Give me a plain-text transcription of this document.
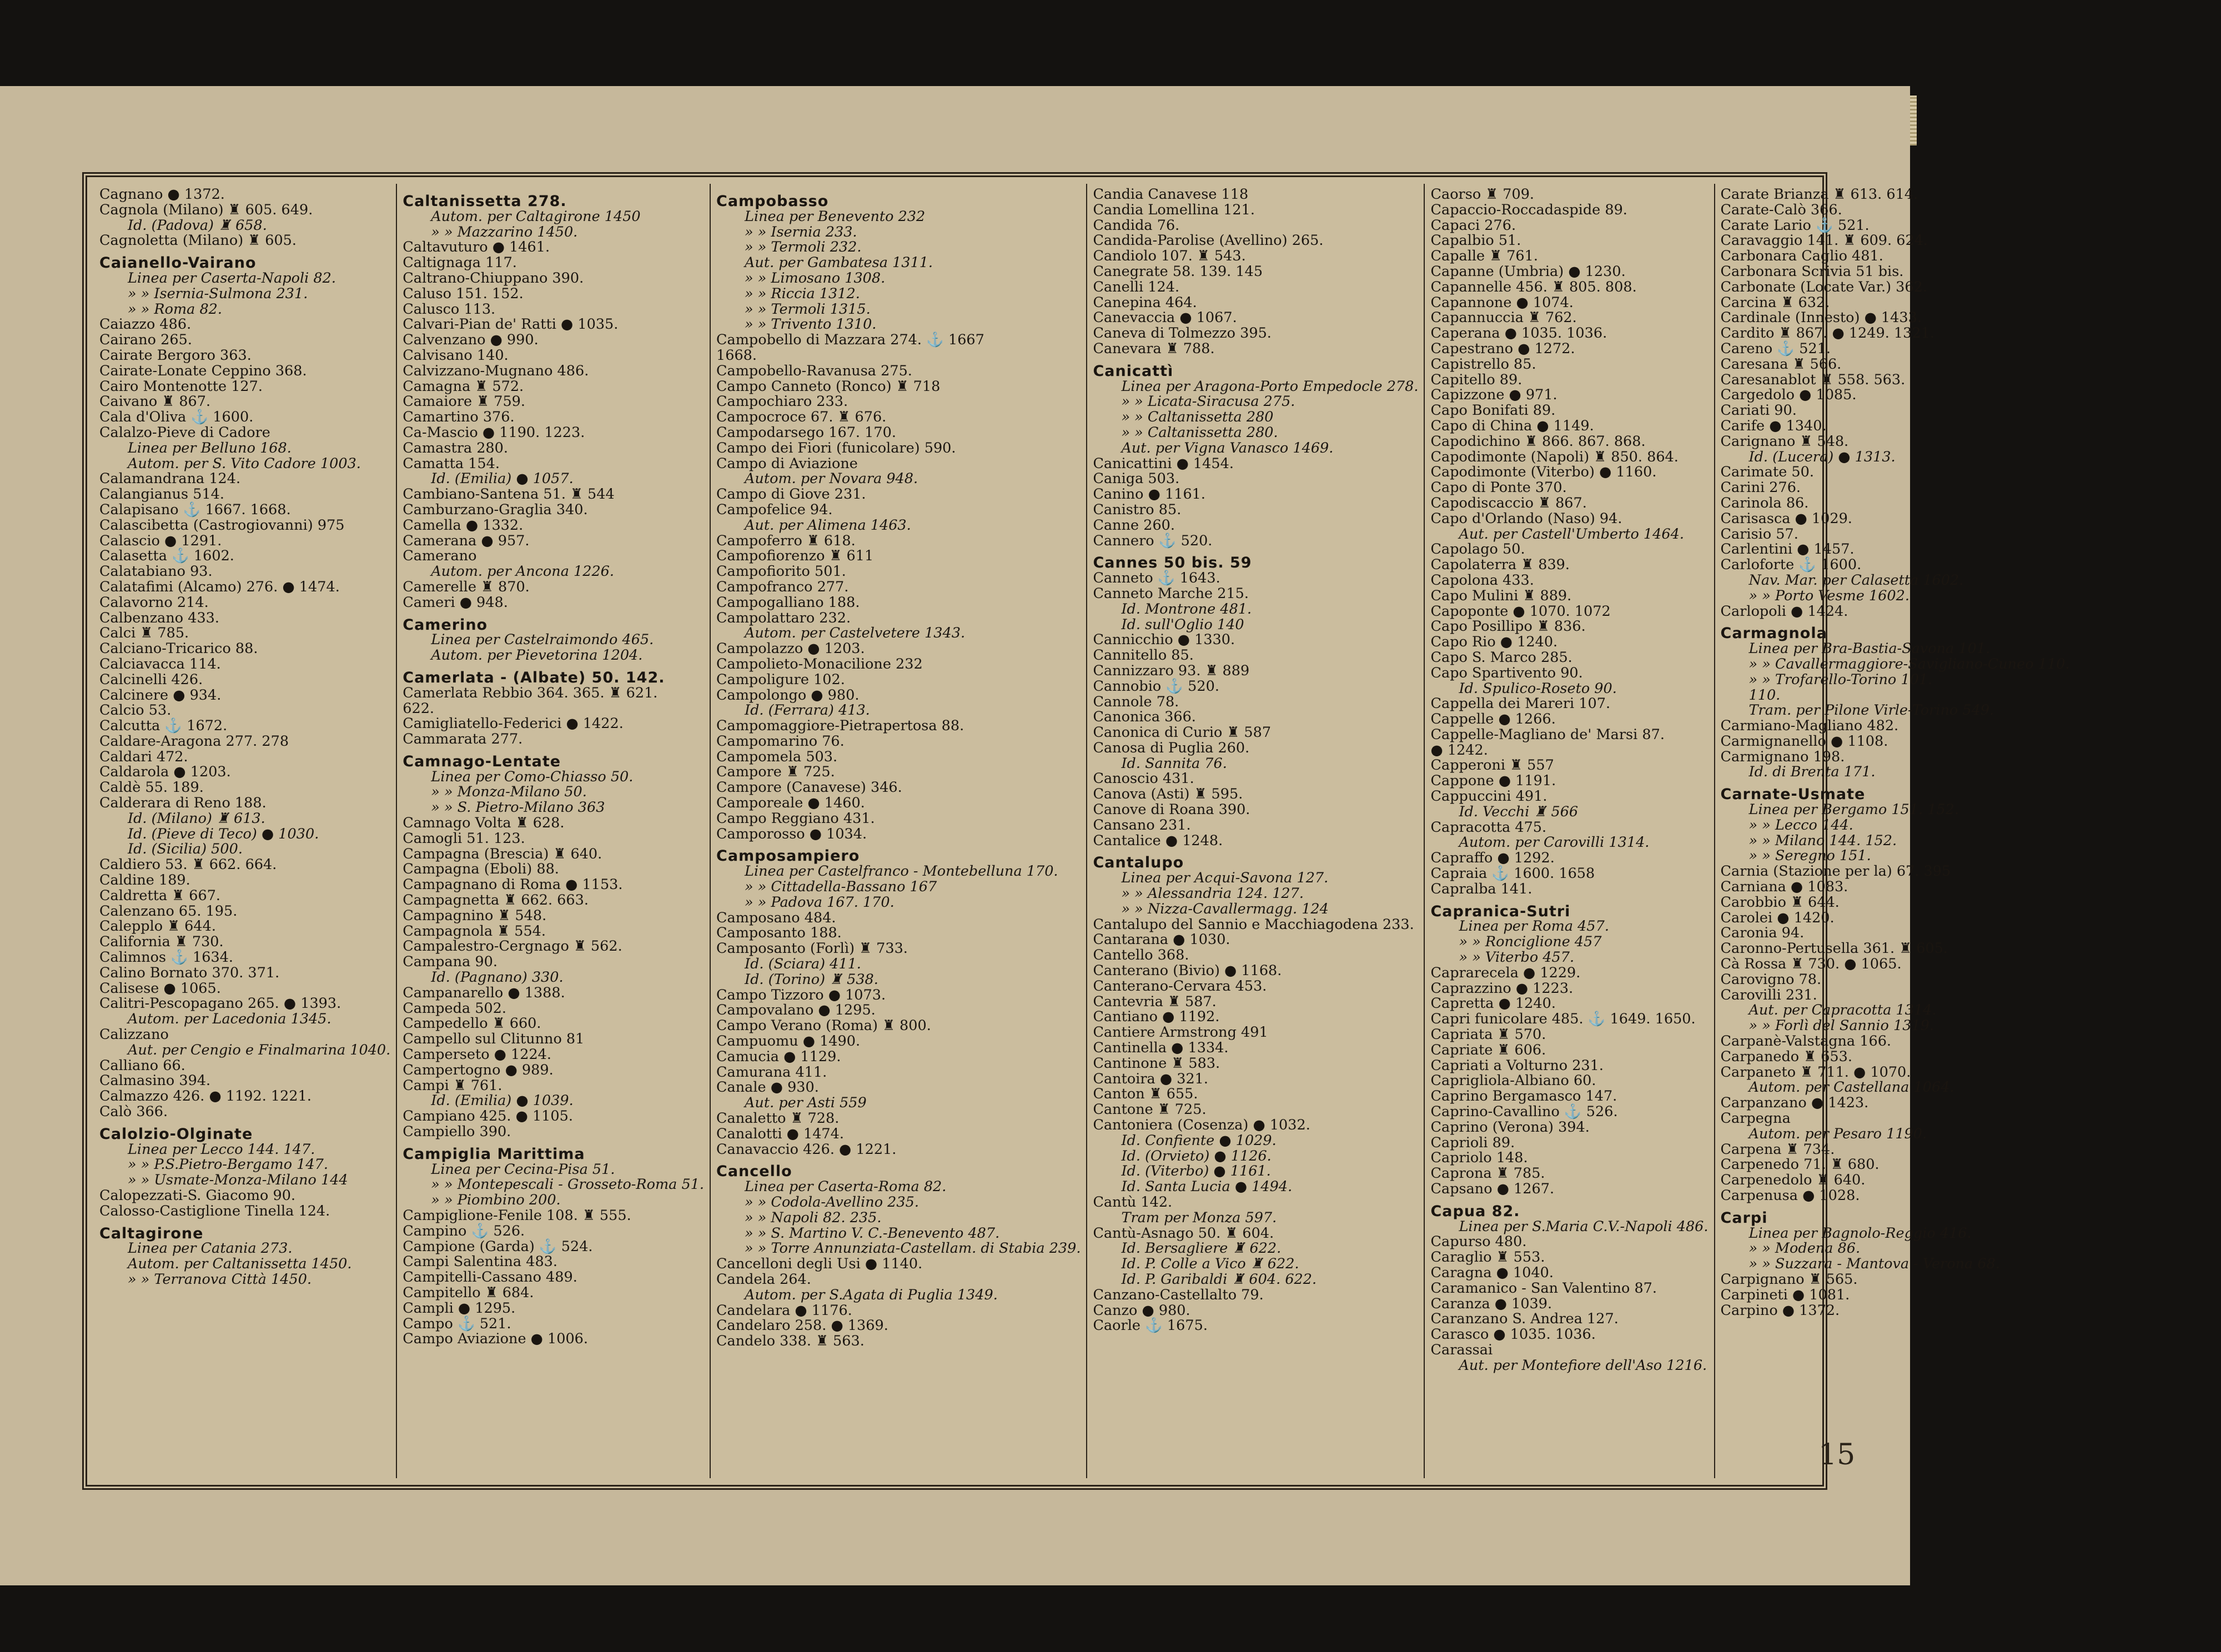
Cagnano ● 1372.
Cagnola (Milano) ♜ 605. 649.
Id. (Padova) ♜ 658.
Cagnoletta (Milano) ♜ 605.
Caianello-Vairano
Linea per Caserta-Napoli 82.
» » Isernia-Sulmona 231.
» » Roma 82.
Caiazzo 486.
Cairano 265.
Cairate Bergoro 363.
Cairate-Lonate Ceppino 368.
Cairo Montenotte 127.
Caivano ♜ 867.
Cala d'Oliva ⚓ 1600.
Calalzo-Pieve di Cadore
Linea per Belluno 168.
Autom. per S. Vito Cadore 1003.
Calamandrana 124.
Calangianus 514.
Calapisano ⚓ 1667. 1668.
Calascibetta (Castrogiovanni) 975
Calascio ● 1291.
Calasetta ⚓ 1602.
Calatabiano 93.
Calatafimi (Alcamo) 276. ● 1474.
Calavorno 214.
Calbenzano 433.
Calci ♜ 785.
Calciano-Tricarico 88.
Calciavacca 114.
Calcinelli 426.
Calcinere ● 934.
Calcio 53.
Calcutta ⚓ 1672.
Caldare-Aragona 277. 278
Caldari 472.
Caldarola ● 1203.
Caldè 55. 189.
Calderara di Reno 188.
Id. (Milano) ♜ 613.
Id. (Pieve di Teco) ● 1030.
Id. (Sicilia) 500.
Caldiero 53. ♜ 662. 664.
Caldine 189.
Caldretta ♜ 667.
Calenzano 65. 195.
Calepplo ♜ 644.
California ♜ 730.
Calimnos ⚓ 1634.
Calino Bornato 370. 371.
Calisese ● 1065.
Calitri-Pescopagano 265. ● 1393.
Autom. per Lacedonia 1345.
Calizzano
Aut. per Cengio e Finalmarina 1040.
Calliano 66.
Calmasino 394.
Calmazzo 426. ● 1192. 1221.
Calò 366.
Calolzio-Olginate
Linea per Lecco 144. 147.
» » P.S.Pietro-Bergamo 147.
» » Usmate-Monza-Milano 144
Calopezzati-S. Giacomo 90.
Calosso-Castiglione Tinella 124.
Caltagirone
Linea per Catania 273.
Autom. per Caltanissetta 1450.
» » Terranova Città 1450.
Caltanissetta 278.
Autom. per Caltagirone 1450
» » Mazzarino 1450.
Caltavuturo ● 1461.
Caltignaga 117.
Caltrano-Chiuppano 390.
Caluso 151. 152.
Calusco 113.
Calvari-Pian de' Ratti ● 1035.
Calvenzano ● 990.
Calvisano 140.
Calvizzano-Mugnano 486.
Camagna ♜ 572.
Camaiore ♜ 759.
Camartino 376.
Ca-Mascio ● 1190. 1223.
Camastra 280.
Camatta 154.
Id. (Emilia) ● 1057.
Cambiano-Santena 51. ♜ 544
Camburzano-Graglia 340.
Camella ● 1332.
Camerana ● 957.
Camerano
Autom. per Ancona 1226.
Camerelle ♜ 870.
Cameri ● 948.
Camerino
Linea per Castelraimondo 465.
Autom. per Pievetorina 1204.
Camerlata - (Albate) 50. 142.
Camerlata Rebbio 364. 365. ♜ 621.
622.
Camigliatello-Federici ● 1422.
Cammarata 277.
Camnago-Lentate
Linea per Como-Chiasso 50.
» » Monza-Milano 50.
» » S. Pietro-Milano 363
Camnago Volta ♜ 628.
Camogli 51. 123.
Campagna (Brescia) ♜ 640.
Campagna (Eboli) 88.
Campagnano di Roma ● 1153.
Campagnetta ♜ 662. 663.
Campagnino ♜ 548.
Campagnola ♜ 554.
Campalestro-Cergnago ♜ 562.
Campana 90.
Id. (Pagnano) 330.
Campanarello ● 1388.
Campeda 502.
Campedello ♜ 660.
Campello sul Clitunno 81
Camperseto ● 1224.
Campertogno ● 989.
Campi ♜ 761.
Id. (Emilia) ● 1039.
Campiano 425. ● 1105.
Campiello 390.
Campiglia Marittima
Linea per Cecina-Pisa 51.
» » Montepescali - Grosseto-Roma 51.
» » Piombino 200.
Campiglione-Fenile 108. ♜ 555.
Campino ⚓ 526.
Campione (Garda) ⚓ 524.
Campi Salentina 483.
Campitelli-Cassano 489.
Campitello ♜ 684.
Campli ● 1295.
Campo ⚓ 521.
Campo Aviazione ● 1006.
Campobasso
Linea per Benevento 232
» » Isernia 233.
» » Termoli 232.
Aut. per Gambatesa 1311.
» » Limosano 1308.
» » Riccia 1312.
» » Termoli 1315.
» » Trivento 1310.
Campobello di Mazzara 274. ⚓ 1667
1668.
Campobello-Ravanusa 275.
Campo Canneto (Ronco) ♜ 718
Campochiaro 233.
Campocroce 67. ♜ 676.
Campodarsego 167. 170.
Campo dei Fiori (funicolare) 590.
Campo di Aviazione
Autom. per Novara 948.
Campo di Giove 231.
Campofelice 94.
Aut. per Alimena 1463.
Campoferro ♜ 618.
Campofiorenzo ♜ 611
Campofiorito 501.
Campofranco 277.
Campogalliano 188.
Campolattaro 232.
Autom. per Castelvetere 1343.
Campolazzo ● 1203.
Campolieto-Monacilione 232
Campoligure 102.
Campolongo ● 980.
Id. (Ferrara) 413.
Campomaggiore-Pietrapertosa 88.
Campomarino 76.
Campomela 503.
Campore ♜ 725.
Campore (Canavese) 346.
Camporeale ● 1460.
Campo Reggiano 431.
Camporosso ● 1034.
Camposampiero
Linea per Castelfranco - Montebelluna 170.
» » Cittadella-Bassano 167
» » Padova 167. 170.
Camposano 484.
Camposanto 188.
Camposanto (Forlì) ♜ 733.
Id. (Sciara) 411.
Id. (Torino) ♜ 538.
Campo Tizzoro ● 1073.
Campovalano ● 1295.
Campo Verano (Roma) ♜ 800.
Campuomu ● 1490.
Camucia ● 1129.
Camurana 411.
Canale ● 930.
Aut. per Asti 559
Canaletto ♜ 728.
Canalotti ● 1474.
Canavaccio 426. ● 1221.
Cancello
Linea per Caserta-Roma 82.
» » Codola-Avellino 235.
» » Napoli 82. 235.
» » S. Martino V. C.-Benevento 487.
» » Torre Annunziata-Castellam. di Stabia 239.
Cancelloni degli Usi ● 1140.
Candela 264.
Autom. per S.Agata di Puglia 1349.
Candelara ● 1176.
Candelaro 258. ● 1369.
Candelo 338. ♜ 563.
Candia Canavese 118
Candia Lomellina 121.
Candida 76.
Candida-Parolise (Avellino) 265.
Candiolo 107. ♜ 543.
Canegrate 58. 139. 145
Canelli 124.
Canepina 464.
Canevaccia ● 1067.
Caneva di Tolmezzo 395.
Canevara ♜ 788.
Canicattì
Linea per Aragona-Porto Empedocle 278.
» » Licata-Siracusa 275.
» » Caltanissetta 280
» » Caltanissetta 280.
Aut. per Vigna Vanasco 1469.
Canicattini ● 1454.
Caniga 503.
Canino ● 1161.
Canistro 85.
Canne 260.
Cannero ⚓ 520.
Cannes 50 bis. 59
Canneto ⚓ 1643.
Canneto Marche 215.
Id. Montrone 481.
Id. sull'Oglio 140
Cannicchio ● 1330.
Cannitello 85.
Cannizzaro 93. ♜ 889
Cannobio ⚓ 520.
Cannole 78.
Canonica 366.
Canonica di Curio ♜ 587
Canosa di Puglia 260.
Id. Sannita 76.
Canoscio 431.
Canova (Asti) ♜ 595.
Canove di Roana 390.
Cansano 231.
Cantalice ● 1248.
Cantalupo
Linea per Acqui-Savona 127.
» » Alessandria 124. 127.
» » Nizza-Cavallermagg. 124
Cantalupo del Sannio e Macchiagodena 233.
Cantarana ● 1030.
Cantello 368.
Canterano (Bivio) ● 1168.
Canterano-Cervara 453.
Cantevria ♜ 587.
Cantiano ● 1192.
Cantiere Armstrong 491
Cantinella ● 1334.
Cantinone ♜ 583.
Cantoira ● 321.
Canton ♜ 655.
Cantone ♜ 725.
Cantoniera (Cosenza) ● 1032.
Id. Confiente ● 1029.
Id. (Orvieto) ● 1126.
Id. (Viterbo) ● 1161.
Id. Santa Lucia ● 1494.
Cantù 142.
Tram per Monza 597.
Cantù-Asnago 50. ♜ 604.
Id. Bersagliere ♜ 622.
Id. P. Colle a Vico ♜ 622.
Id. P. Garibaldi ♜ 604. 622.
Canzano-Castellalto 79.
Canzo ● 980.
Caorle ⚓ 1675.
Caorso ♜ 709.
Capaccio-Roccadaspide 89.
Capaci 276.
Capalbio 51.
Capalle ♜ 761.
Capanne (Umbria) ● 1230.
Capannelle 456. ♜ 805. 808.
Capannone ● 1074.
Capannuccia ♜ 762.
Caperana ● 1035. 1036.
Capestrano ● 1272.
Capistrello 85.
Capitello 89.
Capizzone ● 971.
Capo Bonifati 89.
Capo di China ● 1149.
Capodichino ♜ 866. 867. 868.
Capodimonte (Napoli) ♜ 850. 864.
Capodimonte (Viterbo) ● 1160.
Capo di Ponte 370.
Capodiscaccio ♜ 867.
Capo d'Orlando (Naso) 94.
Aut. per Castell'Umberto 1464.
Capolago 50.
Capolaterra ♜ 839.
Capolona 433.
Capo Mulini ♜ 889.
Capoponte ● 1070. 1072
Capo Posillipo ♜ 836.
Capo Rio ● 1240.
Capo S. Marco 285.
Capo Spartivento 90.
Id. Spulico-Roseto 90.
Cappella dei Mareri 107.
Cappelle ● 1266.
Cappelle-Magliano de' Marsi 87.
● 1242.
Capperoni ♜ 557
Cappone ● 1191.
Cappuccini 491.
Id. Vecchi ♜ 566
Capracotta 475.
Autom. per Carovilli 1314.
Capraffo ● 1292.
Capraia ⚓ 1600. 1658
Capralba 141.
Capranica-Sutri
Linea per Roma 457.
» » Ronciglione 457
» » Viterbo 457.
Caprarecela ● 1229.
Caprazzino ● 1223.
Capretta ● 1240.
Capri funicolare 485. ⚓ 1649. 1650.
Capriata ♜ 570.
Capriate ♜ 606.
Capriati a Volturno 231.
Caprigliola-Albiano 60.
Caprino Bergamasco 147.
Caprino-Cavallino ⚓ 526.
Caprino (Verona) 394.
Caprioli 89.
Capriolo 148.
Caprona ♜ 785.
Capsano ● 1267.
Capua 82.
Linea per S.Maria C.V.-Napoli 486.
Capurso 480.
Caraglio ♜ 553.
Caragna ● 1040.
Caramanico - San Valentino 87.
Caranza ● 1039.
Caranzano S. Andrea 127.
Carasco ● 1035. 1036.
Carassai
Aut. per Montefiore dell'Aso 1216.
Carate Brianza ♜ 613. 614.
Carate-Calò 366.
Carate Lario ⚓ 521.
Caravaggio 141. ♜ 609. 624.
Carbonara Caglio 481.
Carbonara Scrivia 51 bis.
Carbonate (Locate Var.) 362.
Carcina ♜ 632.
Cardinale (Innesto) ● 1433.
Cardito ♜ 867. ● 1249. 1321.
Careno ⚓ 521.
Caresana ♜ 566.
Caresanablot ♜ 558. 563.
Cargedolo ● 1085.
Cariati 90.
Carife ● 1340.
Carignano ♜ 548.
Id. (Lucera) ● 1313.
Carimate 50.
Carini 276.
Carinola 86.
Carisasca ● 1029.
Carisio 57.
Carlentini ● 1457.
Carloforte ⚓ 1600.
Nav. Mar. per Calasetta 1602.
» » Porto Vesme 1602.
Carlopoli ● 1424.
Carmagnola
Linea per Bra-Bastia-Savona 101.
» » Cavallermaggiore-Savigliano-Cuneo 110.
» » Trofarello-Torino 101.
110.
Tram. per Pilone Virle-Torino 549.
Carmiano-Magliano 482.
Carmignanello ● 1108.
Carmignano 198.
Id. di Brenta 171.
Carnate-Usmate
Linea per Bergamo 151. 152.
» » Lecco 144.
» » Milano 144. 152.
» » Seregno 151.
Carnia (Stazione per la) 67. 395
Carniana ● 1083.
Carobbio ♜ 644.
Carolei ● 1420.
Caronia 94.
Caronno-Pertusella 361. ♜ 605.
Cà Rossa ♜ 730. ● 1065.
Carovigno 78.
Carovilli 231.
Aut. per Capracotta 1314.
» » Forlì del Sannio 1319.
Carpanè-Valstagna 166.
Carpanedo ♜ 653.
Carpaneto ♜ 711. ● 1070.
Autom. per Castellana 1064.
Carpanzano ● 1423.
Carpegna
Autom. per Pesaro 1190.
Carpena ♜ 734.
Carpenedo 71. ♜ 680.
Carpenedolo ♜ 640.
Carpenusa ● 1028.
Carpi
Linea per Bagnolo-Reggio 416.
» » Modena 86.
» » Suzzara - Mantova - Verona 68.
Carpignano ♜ 565.
Carpineti ● 1081.
Carpino ● 1372.
15
